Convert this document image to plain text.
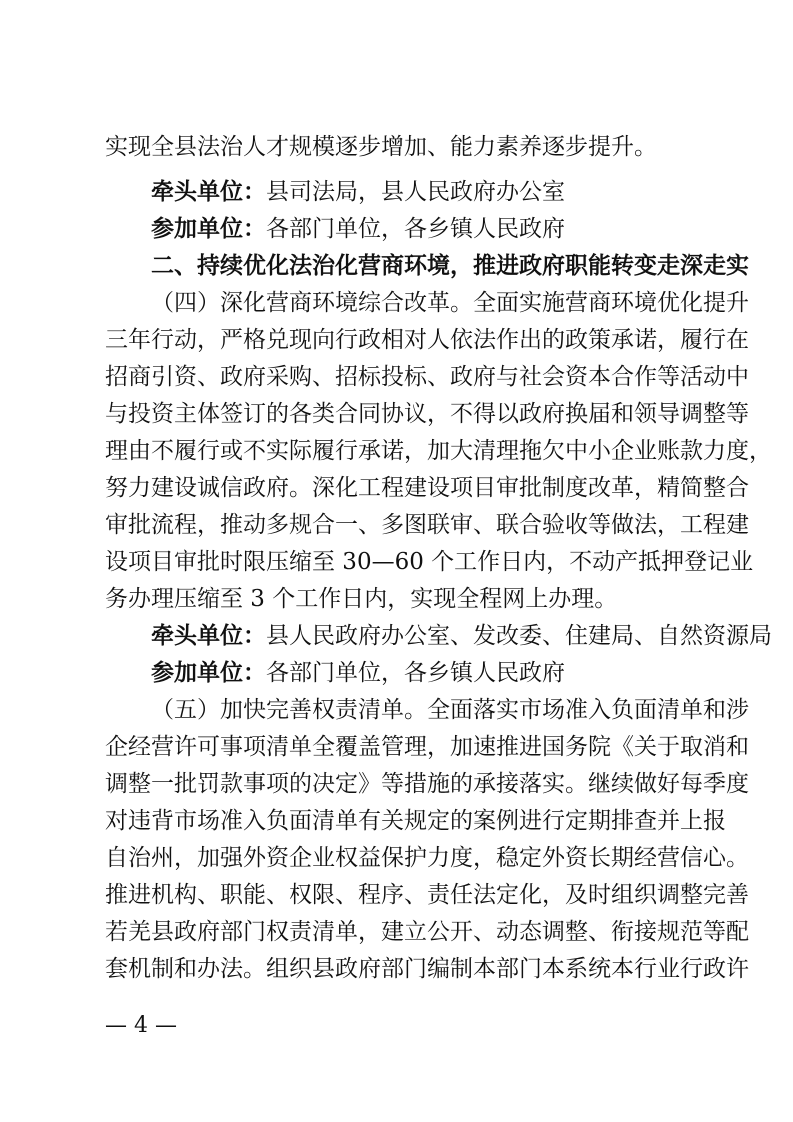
实现全县法治人才规模逐步增加、能力素养逐步提升。
牵头单位：县司法局，县人民政府办公室
参加单位：各部门单位，各乡镇人民政府
二、持续优化法治化营商环境，推进政府职能转变走深走实
（四）深化营商环境综合改革。全面实施营商环境优化提升
三年行动，严格兑现向行政相对人依法作出的政策承诺，履行在
招商引资、政府采购、招标投标、政府与社会资本合作等活动中
与投资主体签订的各类合同协议，不得以政府换届和领导调整等
理由不履行或不实际履行承诺，加大清理拖欠中小企业账款力度，
努力建设诚信政府。深化工程建设项目审批制度改革，精简整合
审批流程，推动多规合一、多图联审、联合验收等做法，工程建
设项目审批时限压缩至 30—60 个工作日内，不动产抵押登记业
务办理压缩至 3 个工作日内，实现全程网上办理。
牵头单位：县人民政府办公室、发改委、住建局、自然资源局
参加单位：各部门单位，各乡镇人民政府
（五）加快完善权责清单。全面落实市场准入负面清单和涉
企经营许可事项清单全覆盖管理，加速推进国务院《关于取消和
调整一批罚款事项的决定》等措施的承接落实。继续做好每季度
对违背市场准入负面清单有关规定的案例进行定期排查并上报
自治州，加强外资企业权益保护力度，稳定外资长期经营信心。
推进机构、职能、权限、程序、责任法定化，及时组织调整完善
若羌县政府部门权责清单，建立公开、动态调整、衔接规范等配
套机制和办法。组织县政府部门编制本部门本系统本行业行政许
— 4 —
